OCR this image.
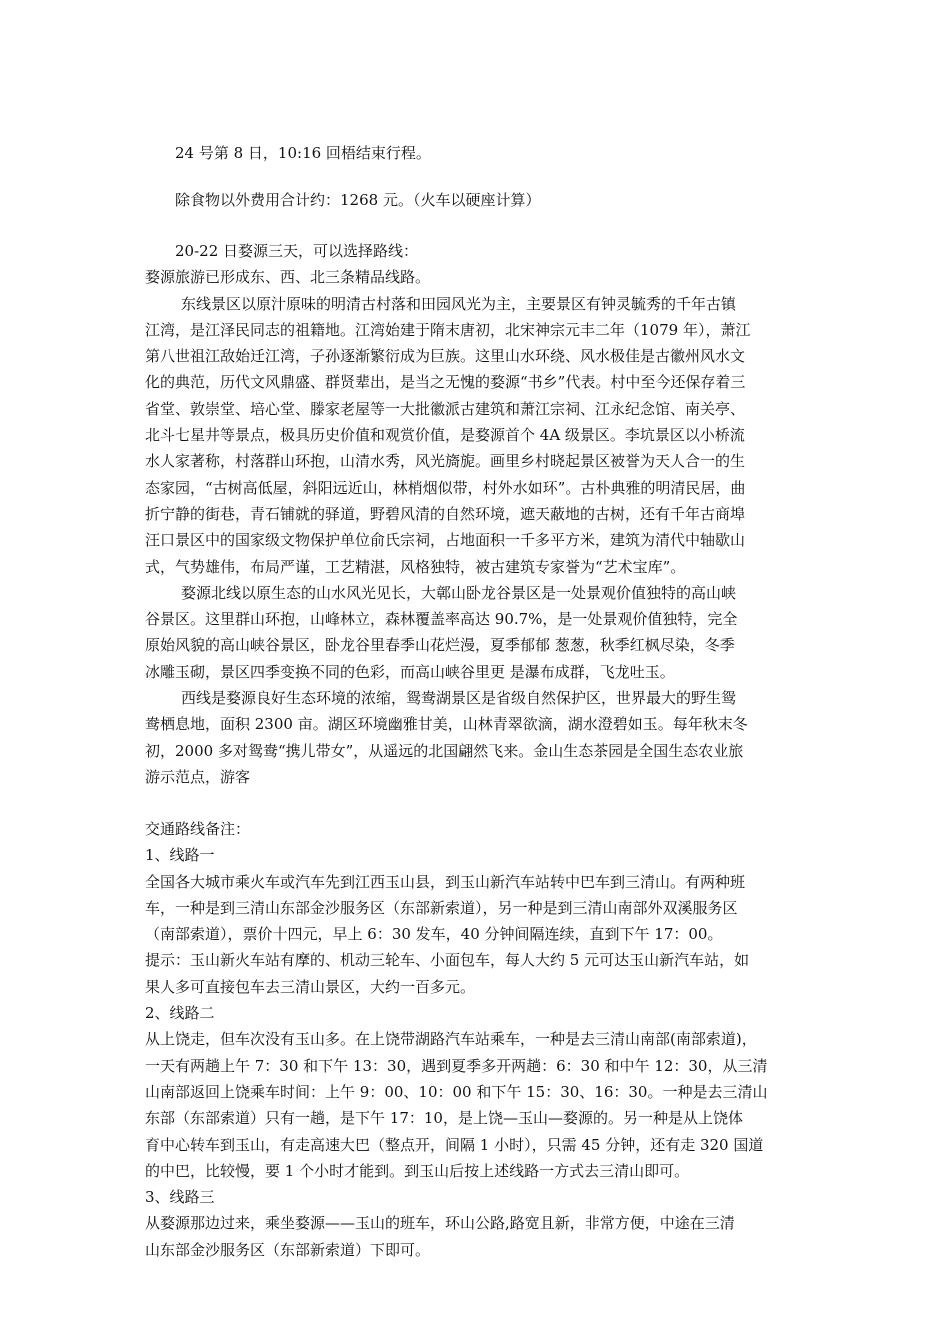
24 号第 8 日，10:16 回梧结束行程。
除食物以外费用合计约：1268 元。（火车以硬座计算）
20-22 日婺源三天，可以选择路线：
婺源旅游已形成东、西、北三条精品线路。
东线景区以原汁原味的明清古村落和田园风光为主，主要景区有钟灵毓秀的千年古镇
江湾，是江泽民同志的祖籍地。江湾始建于隋末唐初，北宋神宗元丰二年（1079 年），萧江
第八世祖江敌始迁江湾，子孙逐渐繁衍成为巨族。这里山水环绕、风水极佳是古徽州风水文
化的典范，历代文风鼎盛、群贤辈出，是当之无愧的婺源“书乡”代表。村中至今还保存着三
省堂、敦崇堂、培心堂、滕家老屋等一大批徽派古建筑和萧江宗祠、江永纪念馆、南关亭、
北斗七星井等景点，极具历史价值和观赏价值，是婺源首个 4A 级景区。李坑景区以小桥流
水人家著称，村落群山环抱，山清水秀，风光旖旎。画里乡村晓起景区被誉为天人合一的生
态家园，“古树高低屋，斜阳远近山，林梢烟似带，村外水如环”。古朴典雅的明清民居，曲
折宁静的街巷，青石铺就的驿道，野碧风清的自然环境，遮天蔽地的古树，还有千年古商埠
汪口景区中的国家级文物保护单位俞氏宗祠，占地面积一千多平方米，建筑为清代中轴歇山
式，气势雄伟，布局严谨，工艺精湛，风格独特，被古建筑专家誉为“艺术宝库”。
婺源北线以原生态的山水风光见长，大鄣山卧龙谷景区是一处景观价值独特的高山峡
谷景区。这里群山环抱，山峰林立，森林覆盖率高达 90.7%，是一处景观价值独特，完全
原始风貌的高山峡谷景区，卧龙谷里春季山花烂漫，夏季郁郁 葱葱，秋季红枫尽染，冬季
冰雕玉砌，景区四季变换不同的色彩，而高山峡谷里更 是瀑布成群，飞龙吐玉。
西线是婺源良好生态环境的浓缩，鸳鸯湖景区是省级自然保护区，世界最大的野生鸳
鸯栖息地，面积 2300 亩。湖区环境幽雅甘美，山林青翠欲滴，湖水澄碧如玉。每年秋末冬
初，2000 多对鸳鸯“携儿带女”，从遥远的北国翩然飞来。金山生态茶园是全国生态农业旅
游示范点，游客
交通路线备注：
1、线路一
全国各大城市乘火车或汽车先到江西玉山县，到玉山新汽车站转中巴车到三清山。有两种班
车，一种是到三清山东部金沙服务区（东部新索道），另一种是到三清山南部外双溪服务区
（南部索道），票价十四元，早上 6：30 发车，40 分钟间隔连续，直到下午 17：00。
提示：玉山新火车站有摩的、机动三轮车、小面包车，每人大约 5 元可达玉山新汽车站，如
果人多可直接包车去三清山景区，大约一百多元。
2、线路二
从上饶走，但车次没有玉山多。在上饶带湖路汽车站乘车，一种是去三清山南部(南部索道)，
一天有两趟上午 7：30 和下午 13：30，遇到夏季多开两趟：6：30 和中午 12：30，从三清
山南部返回上饶乘车时间：上午 9：00、10：00 和下午 15：30、16：30。一种是去三清山
东部（东部索道）只有一趟，是下午 17：10，是上饶—玉山—婺源的。另一种是从上饶体
育中心转车到玉山，有走高速大巴（整点开，间隔 1 小时），只需 45 分钟，还有走 320 国道
的中巴，比较慢，要 1 个小时才能到。到玉山后按上述线路一方式去三清山即可。
3、线路三
从婺源那边过来，乘坐婺源——玉山的班车，环山公路,路宽且新，非常方便，中途在三清
山东部金沙服务区（东部新索道）下即可。
